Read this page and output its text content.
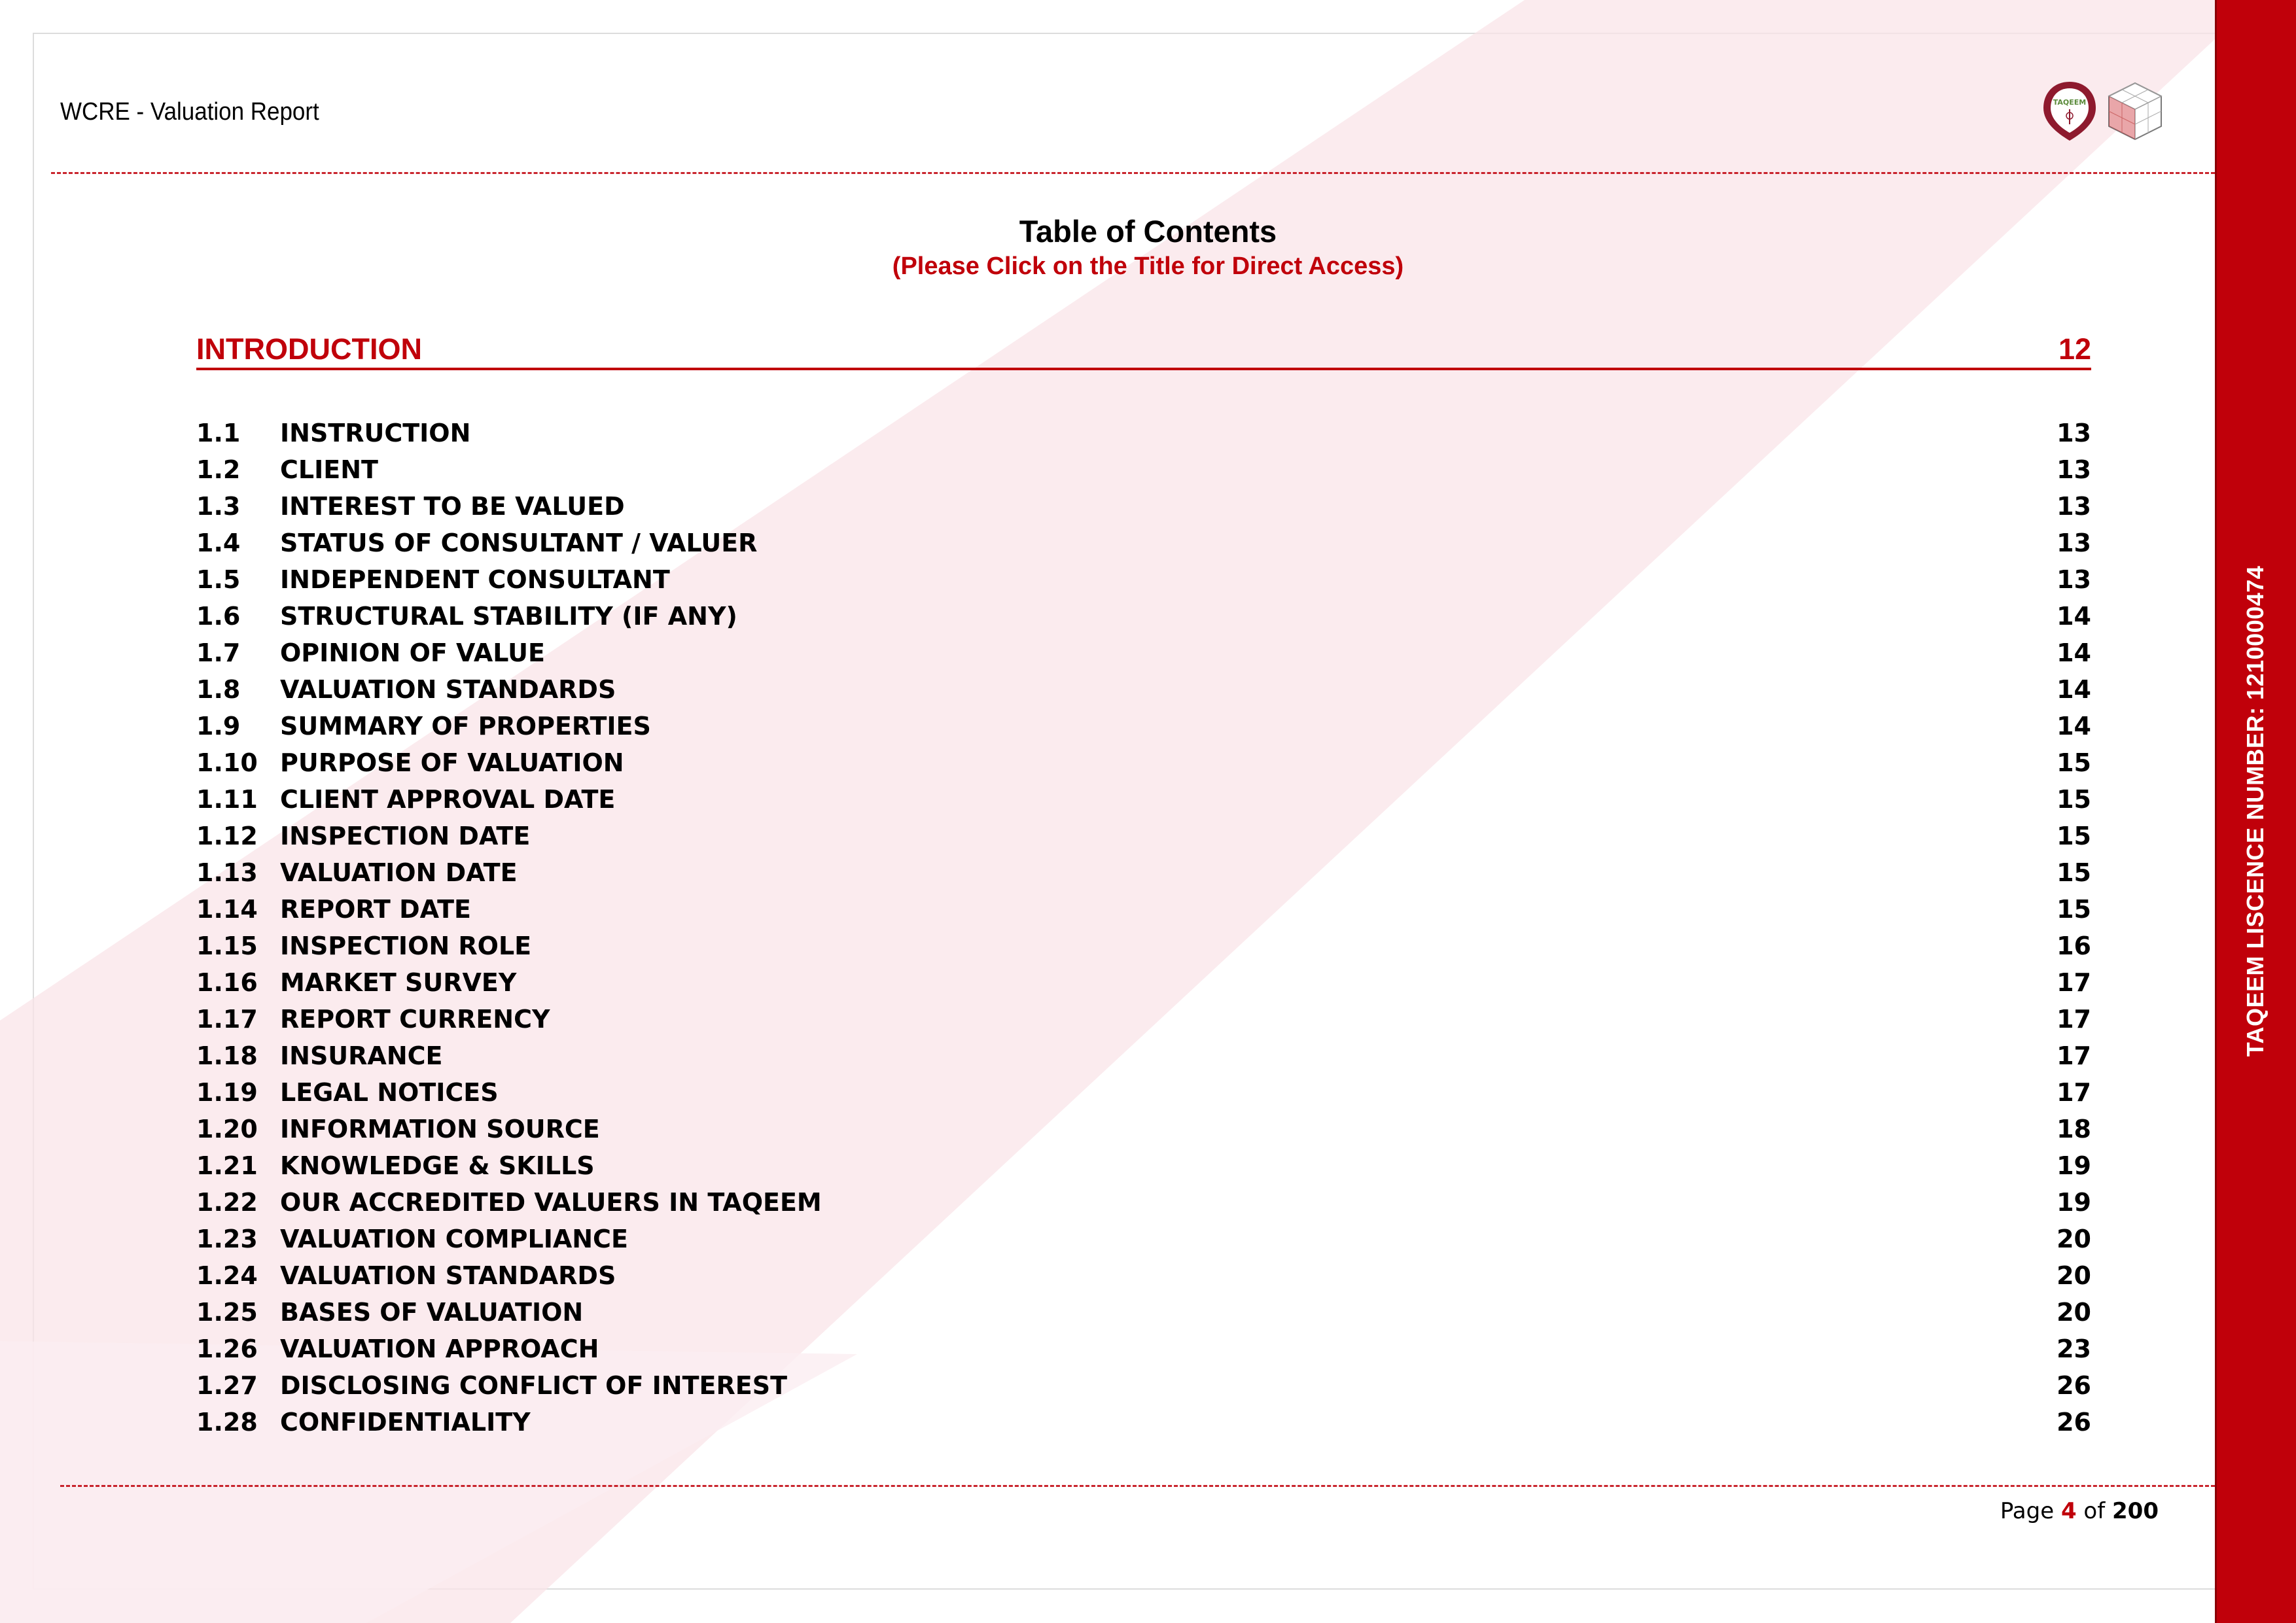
WCRE - Valuation Report	TAQEEM
Table of Contents
(Please Click on the Title for Direct Access)
INTRODUCTION	12
1.1 INSTRUCTION	13
1.2 CLIENT	13
1.3 INTEREST TO BE VALUED	13
1.4 STATUS OF CONSULTANT / VALUER	13
1.5 INDEPENDENT CONSULTANT	13
1.6 STRUCTURAL STABILITY (IF ANY)	14
1.7 OPINION OF VALUE	14
1.8 VALUATION STANDARDS	14
1.9 SUMMARY OF PROPERTIES	14
1.10 PURPOSE OF VALUATION	15
1.11 CLIENT APPROVAL DATE	15
1.12 INSPECTION DATE	15
1.13 VALUATION DATE	15
1.14 REPORT DATE	15
1.15 INSPECTION ROLE	16
1.16 MARKET SURVEY	17
1.17 REPORT CURRENCY	17
1.18 INSURANCE	17
1.19 LEGAL NOTICES	17
1.20 INFORMATION SOURCE	18
1.21 KNOWLEDGE & SKILLS	19
1.22 OUR ACCREDITED VALUERS IN TAQEEM	19
1.23 VALUATION COMPLIANCE	20
1.24 VALUATION STANDARDS	20
1.25 BASES OF VALUATION	20
1.26 VALUATION APPROACH	23
1.27 DISCLOSING CONFLICT OF INTEREST	26
1.28 CONFIDENTIALITY	26
Page 4 of 200
TAQEEM LISCENCE NUMBER: 1210000474
